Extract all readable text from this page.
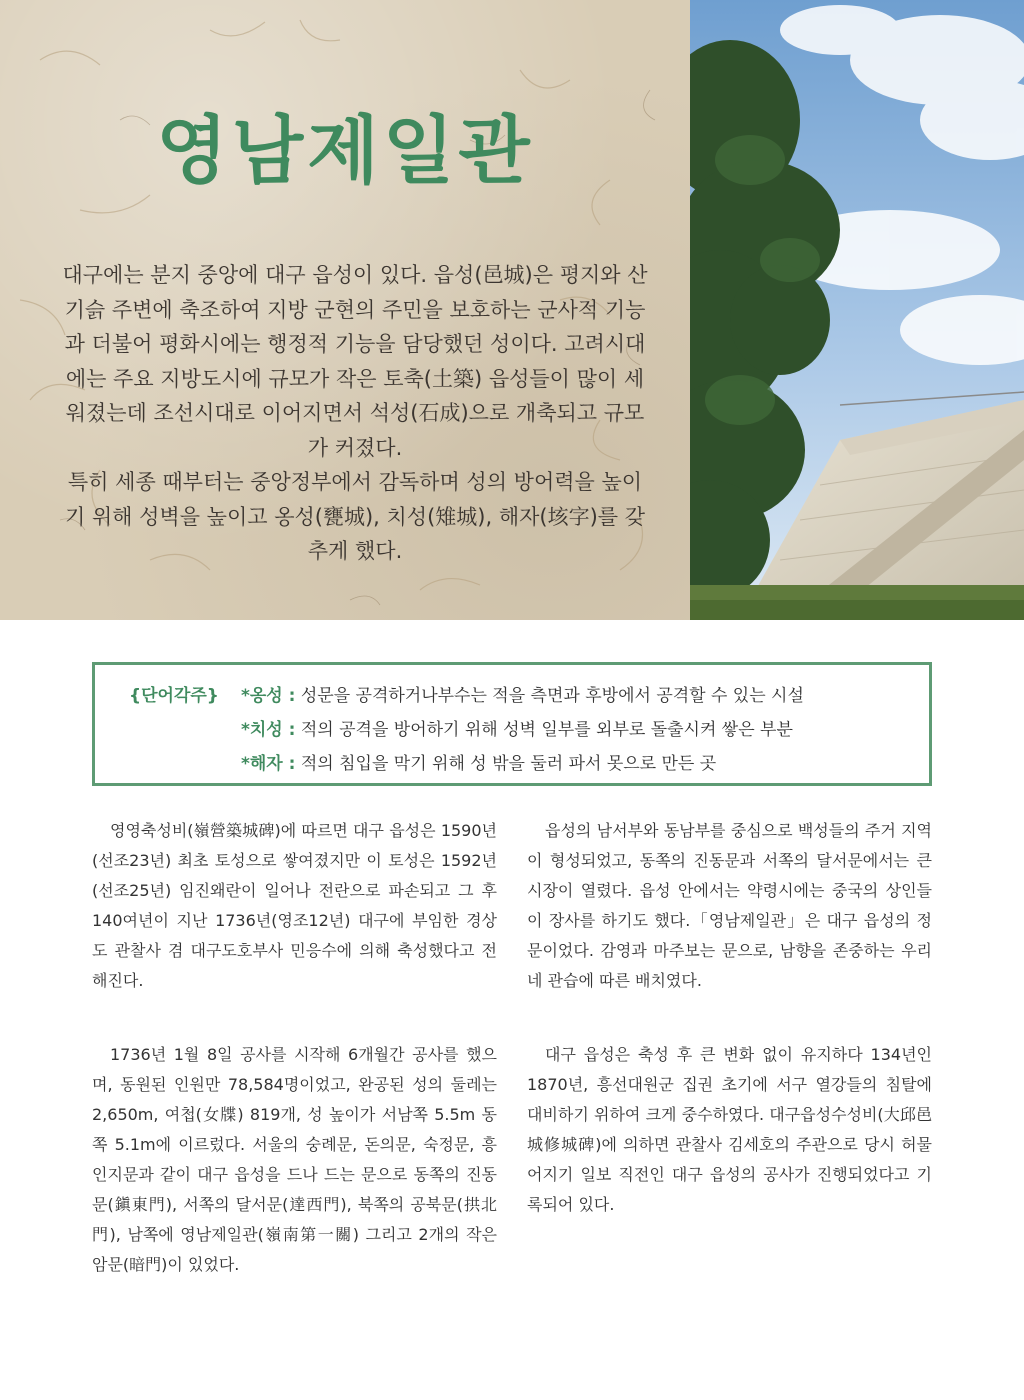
영남제일관

대구에는 분지 중앙에 대구 읍성이 있다. 읍성(邑城)은 평지와 산기슭 주변에 축조하여 지방 군현의 주민을 보호하는 군사적 기능과 더불어 평화시에는 행정적 기능을 담당했던 성이다. 고려시대에는 주요 지방도시에 규모가 작은 토축(土築) 읍성들이 많이 세워졌는데 조선시대로 이어지면서 석성(石成)으로 개축되고 규모가 커졌다.

특히 세종 때부터는 중앙정부에서 감독하며 성의 방어력을 높이기 위해 성벽을 높이고 옹성(甕城), 치성(雉城), 해자(垓字)를 갖추게 했다.

{단어각주} *옹성 : 성문을 공격하거나부수는 적을 측면과 후방에서 공격할 수 있는 시설
*치성 : 적의 공격을 방어하기 위해 성벽 일부를 외부로 돌출시켜 쌓은 부분
*해자 : 적의 침입을 막기 위해 성 밖을 둘러 파서 못으로 만든 곳

영영축성비(嶺營築城碑)에 따르면 대구 읍성은 1590년 (선조23년) 최초 토성으로 쌓여졌지만 이 토성은 1592년(선조25년) 임진왜란이 일어나 전란으로 파손되고 그 후 140여년이 지난 1736년(영조12년) 대구에 부임한 경상도 관찰사 겸 대구도호부사 민응수에 의해 축성했다고 전해진다.

1736년 1월 8일 공사를 시작해 6개월간 공사를 했으며, 동원된 인원만 78,584명이었고, 완공된 성의 둘레는 2,650m, 여첩(女牒) 819개, 성 높이가 서남쪽 5.5m 동쪽 5.1m에 이르렀다. 서울의 숭례문, 돈의문, 숙정문, 흥인지문과 같이 대구 읍성을 드나 드는 문으로 동쪽의 진동문(鎭東門), 서쪽의 달서문(達西門), 북쪽의 공북문(拱北門), 남쪽에 영남제일관(嶺南第一關) 그리고 2개의 작은 암문(暗門)이 있었다.

읍성의 남서부와 동남부를 중심으로 백성들의 주거 지역이 형성되었고, 동쪽의 진동문과 서쪽의 달서문에서는 큰 시장이 열렸다. 읍성 안에서는 약령시에는 중국의 상인들이 장사를 하기도 했다.「영남제일관」은 대구 읍성의 정문이었다. 감영과 마주보는 문으로, 남향을 존중하는 우리네 관습에 따른 배치였다.

대구 읍성은 축성 후 큰 변화 없이 유지하다 134년인 1870년, 흥선대원군 집권 초기에 서구 열강들의 침탈에 대비하기 위하여 크게 중수하였다. 대구읍성수성비(大邱邑城修城碑)에 의하면 관찰사 김세호의 주관으로 당시 허물어지기 일보 직전인 대구 읍성의 공사가 진행되었다고 기록되어 있다.
